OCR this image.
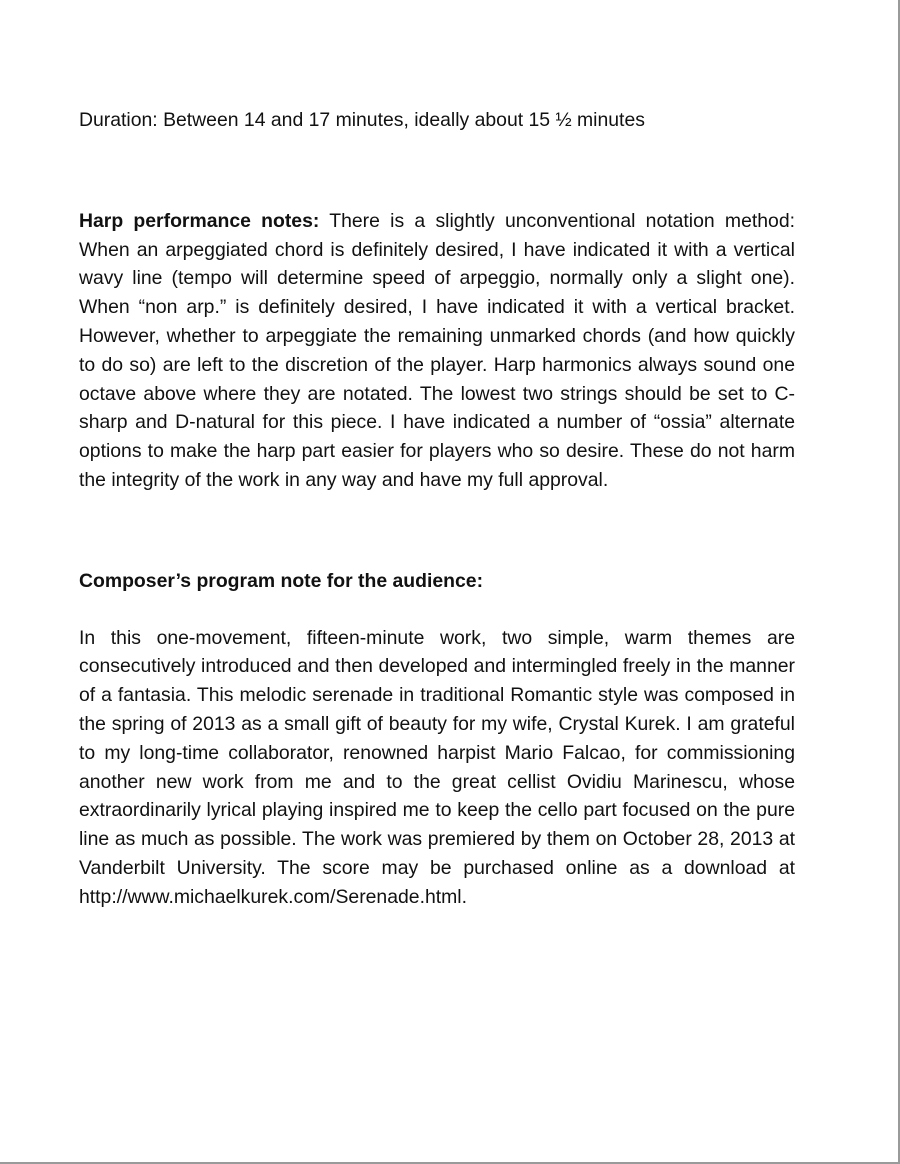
Duration: Between 14 and 17 minutes, ideally about 15 ½ minutes

Harp performance notes: There is a slightly unconventional notation method: When an arpeggiated chord is definitely desired, I have indicated it with a vertical wavy line (tempo will determine speed of arpeggio, normally only a slight one). When “non arp.” is definitely desired, I have indicated it with a vertical bracket. However, whether to arpeggiate the remaining unmarked chords (and how quickly to do so) are left to the discretion of the player. Harp harmonics always sound one octave above where they are notated. The lowest two strings should be set to C-sharp and D-natural for this piece. I have indicated a number of “ossia” alternate options to make the harp part easier for players who so desire. These do not harm the integrity of the work in any way and have my full approval.

Composer’s program note for the audience:

In this one-movement, fifteen-minute work, two simple, warm themes are consecutively introduced and then developed and intermingled freely in the manner of a fantasia. This melodic serenade in traditional Romantic style was composed in the spring of 2013 as a small gift of beauty for my wife, Crystal Kurek. I am grateful to my long-time collaborator, renowned harpist Mario Falcao, for commissioning another new work from me and to the great cellist Ovidiu Marinescu, whose extraordinarily lyrical playing inspired me to keep the cello part focused on the pure line as much as possible. The work was premiered by them on October 28, 2013 at Vanderbilt University. The score may be purchased online as a download at http://www.michaelkurek.com/Serenade.html.
